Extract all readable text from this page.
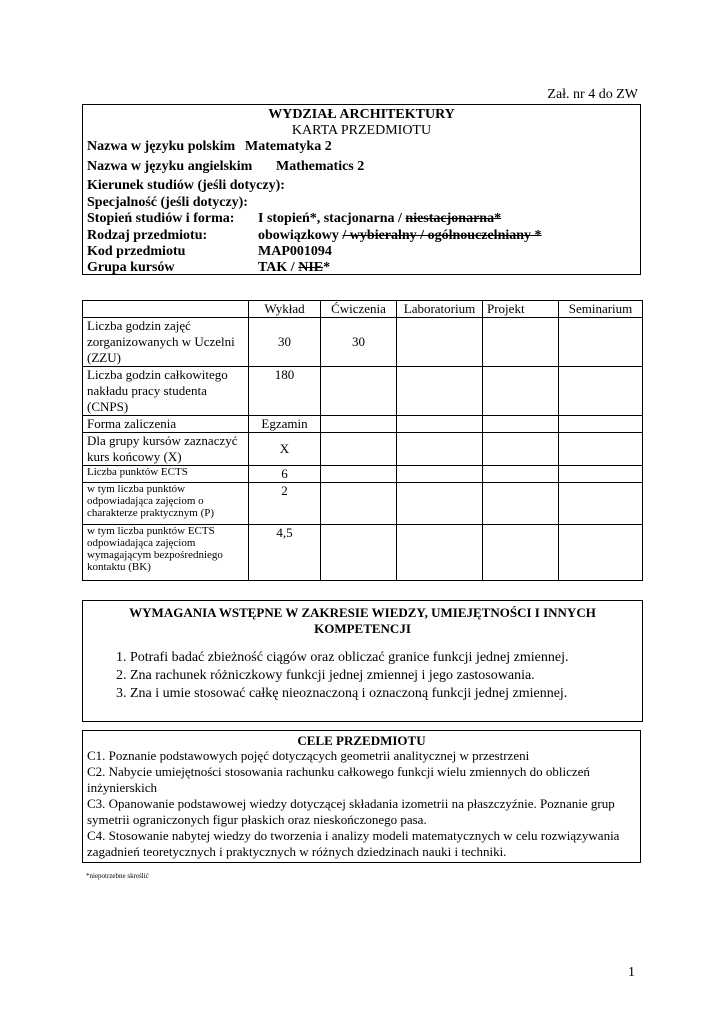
Zał. nr 4 do ZW
WYDZIAŁ ARCHITEKTURY
KARTA PRZEDMIOTU
Nazwa w języku polskim Matematyka 2
Nazwa w języku angielskim Mathematics 2
Kierunek studiów (jeśli dotyczy):
Specjalność (jeśli dotyczy):
Stopień studiów i forma: I stopień*, stacjonarna / niestacjonarna*
Rodzaj przedmiotu:	obowiązkowy / wybieralny / ogólnouczelniany *
Kod przedmiotu	MAP001094
Grupa kursów	TAK / NIE*
	Wykład	Ćwiczenia	Laboratorium	Projekt	Seminarium
Liczba godzin zajęć zorganizowanych w Uczelni (ZZU)	30	30			
Liczba godzin całkowitego nakładu pracy studenta (CNPS)	180				
Forma zaliczenia	Egzamin				
Dla grupy kursów zaznaczyć kurs końcowy (X)	X				
Liczba punktów ECTS	6				
w tym liczba punktów odpowiadająca zajęciom o charakterze praktycznym (P)	2				
w tym liczba punktów ECTS odpowiadająca zajęciom wymagającym bezpośredniego kontaktu (BK)	4,5				
WYMAGANIA WSTĘPNE W ZAKRESIE WIEDZY, UMIEJĘTNOŚCI I INNYCH KOMPETENCJI
1. Potrafi badać zbieżność ciągów oraz obliczać granice funkcji jednej zmiennej.
2. Zna rachunek różniczkowy funkcji jednej zmiennej i jego zastosowania.
3. Zna i umie stosować całkę nieoznaczoną i oznaczoną funkcji jednej zmiennej.
CELE PRZEDMIOTU

C1. Poznanie podstawowych pojęć dotyczących geometrii analitycznej w przestrzeni

C2. Nabycie umiejętności stosowania rachunku całkowego funkcji wielu zmiennych do obliczeń inżynierskich

C3. Opanowanie podstawowej wiedzy dotyczącej składania izometrii na płaszczyźnie. Poznanie grup symetrii ograniczonych figur płaskich oraz nieskończonego pasa.

C4. Stosowanie nabytej wiedzy do tworzenia i analizy modeli matematycznych w celu rozwiązywania zagadnień teoretycznych i praktycznych w różnych dziedzinach nauki i techniki.

*niepotrzebne skreślić
1
